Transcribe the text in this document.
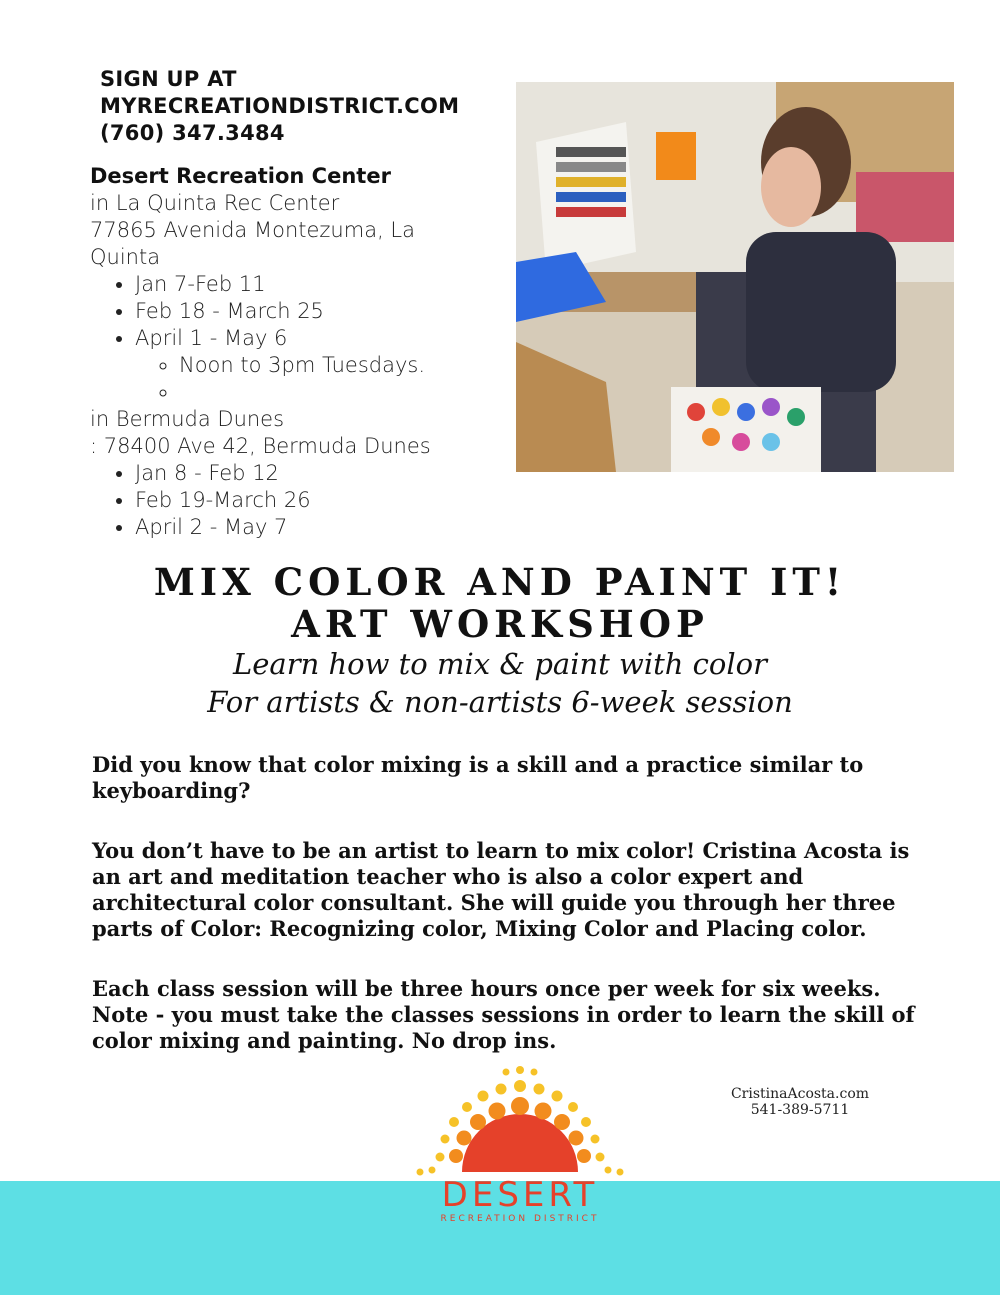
SIGN UP AT
MYRECREATIONDISTRICT.COM
(760) 347.3484
Desert Recreation Center
in La Quinta Rec Center
77865 Avenida Montezuma, La Quinta
• Jan 7-Feb 11
• Feb 18 - March 25
• April 1 - May 6
◦ Noon to 3pm Tuesdays.
◦
in Bermuda Dunes
: 78400 Ave 42, Bermuda Dunes
• Jan 8 - Feb 12
• Feb 19-March 26
• April 2 - May 7
MIX COLOR AND PAINT IT!
ART WORKSHOP
Learn how to mix & paint with color
For artists & non-artists 6-week session

Did you know that color mixing is a skill and a practice similar to keyboarding?

You don’t have to be an artist to learn to mix color! Cristina Acosta is an art and meditation teacher who is also a color expert and architectural color consultant. She will guide you through her three parts of Color: Recognizing color, Mixing Color and Placing color.

Each class session will be three hours once per week for six weeks. Note - you must take the classes sessions in order to learn the skill of color mixing and painting. No drop ins.

CristinaAcosta.com
541-389-5711
DESERT
RECREATION DISTRICT
